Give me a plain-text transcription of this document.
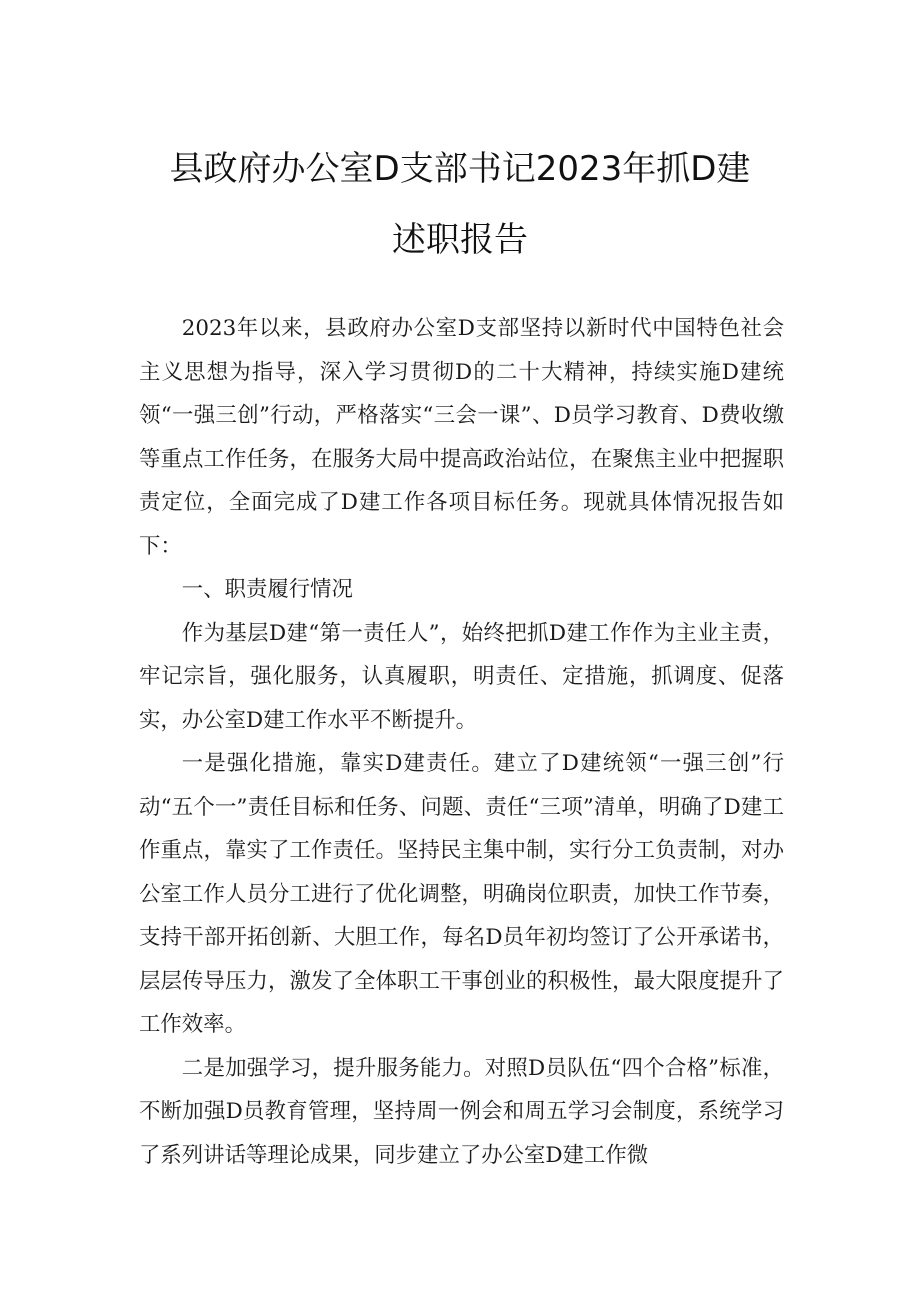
县政府办公室D支部书记2023年抓D建
述职报告

2023年以来，县政府办公室D支部坚持以新时代中国特色社会主义思想为指导，深入学习贯彻D的二十大精神，持续实施D建统领“一强三创”行动，严格落实“三会一课”、D员学习教育、D费收缴等重点工作任务，在服务大局中提高政治站位，在聚焦主业中把握职责定位，全面完成了D建工作各项目标任务。现就具体情况报告如下：

一、职责履行情况

作为基层D建“第一责任人”，始终把抓D建工作作为主业主责，牢记宗旨，强化服务，认真履职，明责任、定措施，抓调度、促落实，办公室D建工作水平不断提升。

一是强化措施，靠实D建责任。建立了D建统领“一强三创”行动“五个一”责任目标和任务、问题、责任“三项”清单，明确了D建工作重点，靠实了工作责任。坚持民主集中制，实行分工负责制，对办公室工作人员分工进行了优化调整，明确岗位职责，加快工作节奏，支持干部开拓创新、大胆工作，每名D员年初均签订了公开承诺书，层层传导压力，激发了全体职工干事创业的积极性，最大限度提升了工作效率。

二是加强学习，提升服务能力。对照D员队伍“四个合格”标准，不断加强D员教育管理，坚持周一例会和周五学习会制度，系统学习了系列讲话等理论成果，同步建立了办公室D建工作微
